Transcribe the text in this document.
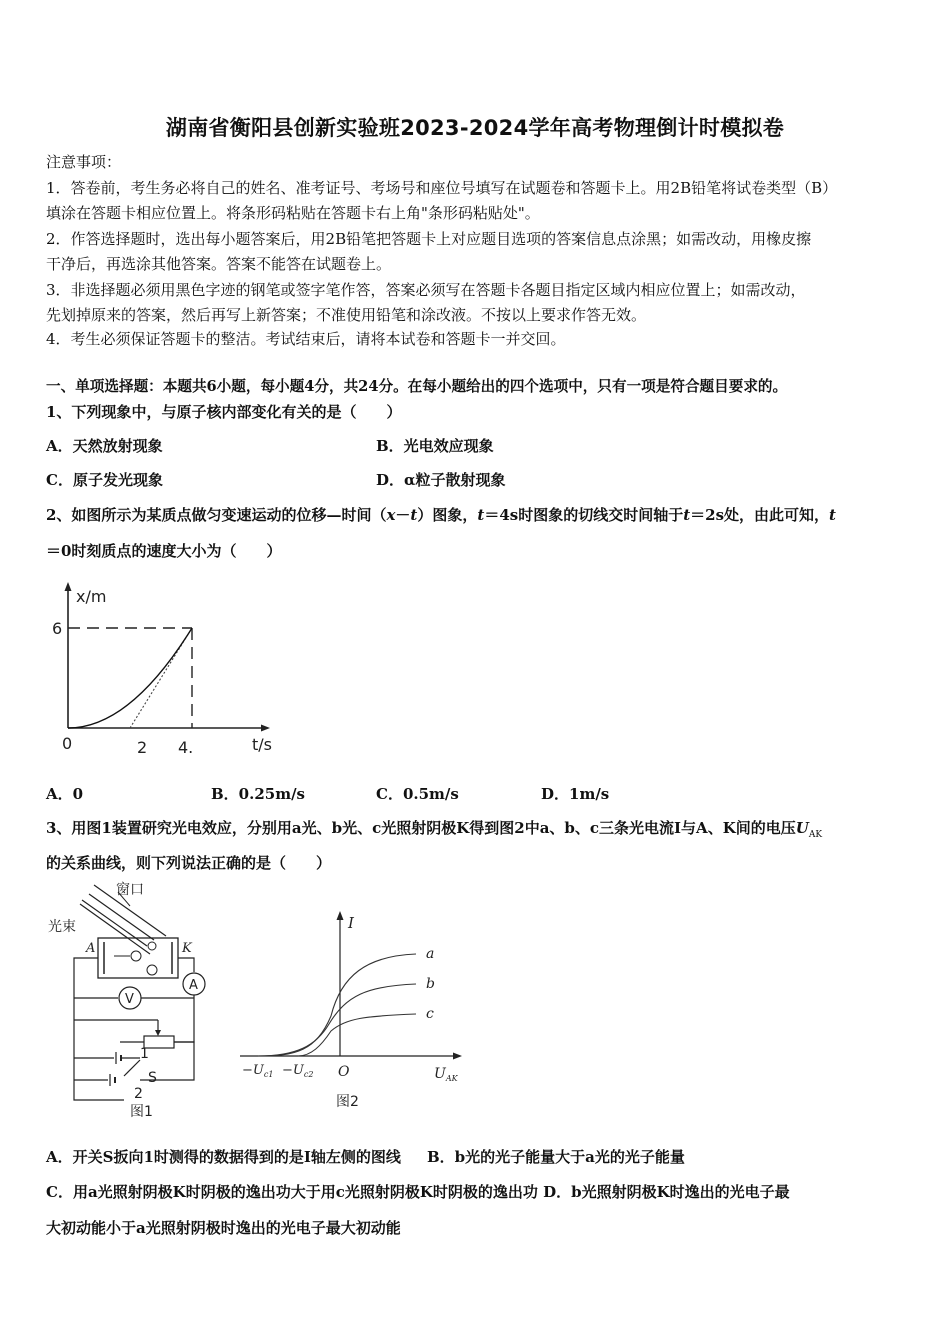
湖南省衡阳县创新实验班2023-2024学年高考物理倒计时模拟卷
注意事项：
1．答卷前，考生务必将自己的姓名、准考证号、考场号和座位号填写在试题卷和答题卡上。用2B铅笔将试卷类型（B）
填涂在答题卡相应位置上。将条形码粘贴在答题卡右上角"条形码粘贴处"。
2．作答选择题时，选出每小题答案后，用2B铅笔把答题卡上对应题目选项的答案信息点涂黑；如需改动，用橡皮擦
干净后，再选涂其他答案。答案不能答在试题卷上。
3．非选择题必须用黑色字迹的钢笔或签字笔作答，答案必须写在答题卡各题目指定区域内相应位置上；如需改动，
先划掉原来的答案，然后再写上新答案；不准使用铅笔和涂改液。不按以上要求作答无效。
4．考生必须保证答题卡的整洁。考试结束后，请将本试卷和答题卡一并交回。
一、单项选择题：本题共6小题，每小题4分，共24分。在每小题给出的四个选项中，只有一项是符合题目要求的。
1、下列现象中，与原子核内部变化有关的是（　　）
A．天然放射现象	B．光电效应现象
C．原子发光现象	D．α粒子散射现象
2、如图所示为某质点做匀变速运动的位移—时间（x－t）图象，t＝4s时图象的切线交时间轴于t＝2s处，由此可知，t
＝0时刻质点的速度大小为（　　）
x/m
6
0	2 4.	t/s
A．0	B．0.25m/s	C．0.5m/s	D．1m/s
3、用图1装置研究光电效应，分别用a光、b光、c光照射阴极K得到图2中a、b、c三条光电流I与A、K间的电压$U_{AK}$
的关系曲线，则下列说法正确的是（　　）
窗口
光束
A	K
A
V
1
S
2
图1
I
a
b
c
$-U_{c1} -U_{c2}$ O	$U_{AK}$
图2
A．开关S扳向1时测得的数据得到的是I轴左侧的图线 B．b光的光子能量大于a光的光子能量
C．用a光照射阴极K时阴极的逸出功大于用c光照射阴极K时阴极的逸出功 D．b光照射阴极K时逸出的光电子最
大初动能小于a光照射阴极时逸出的光电子最大初动能
